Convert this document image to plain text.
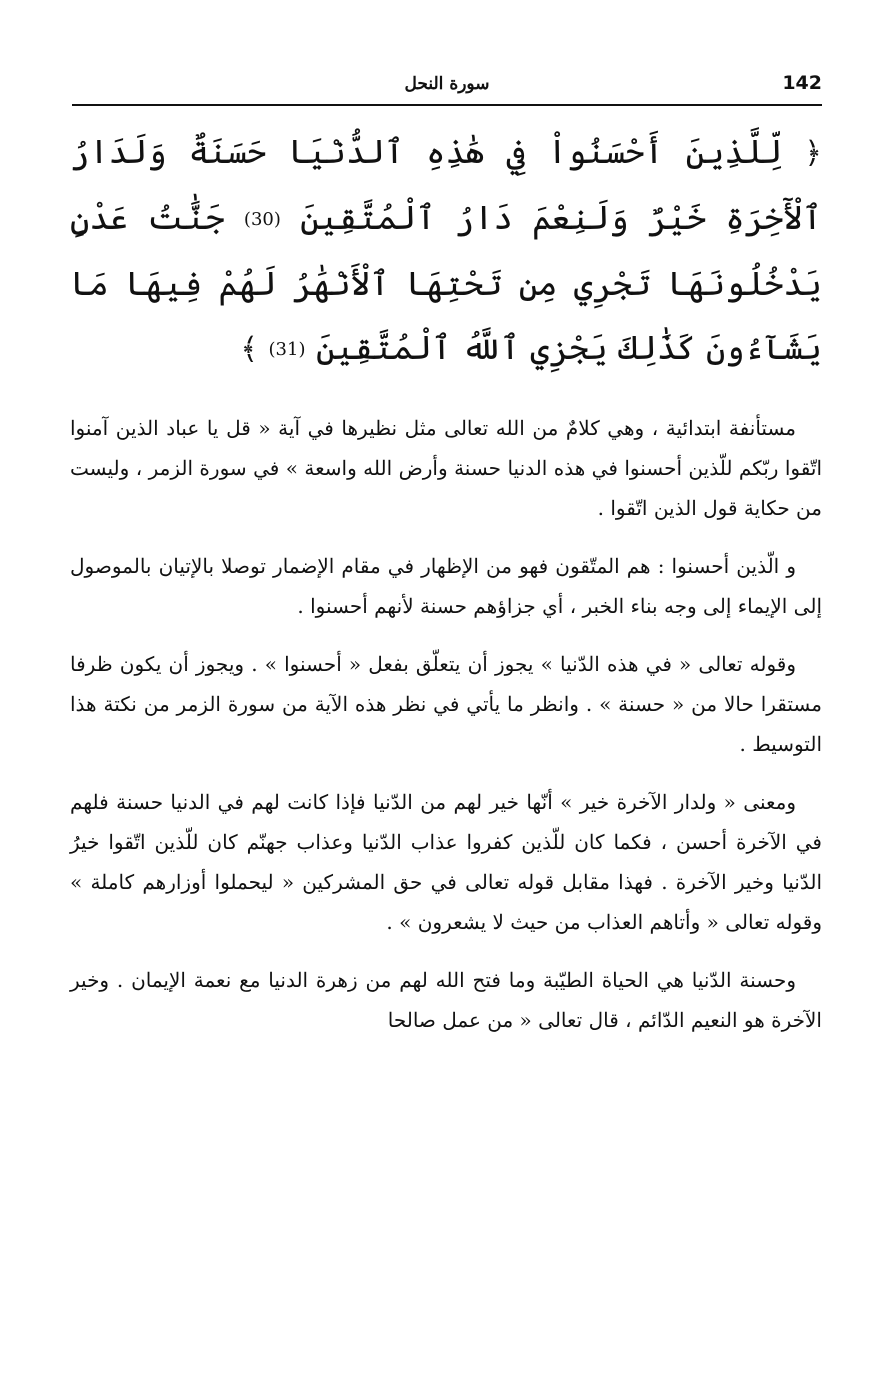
142
سورة النحل
﴿ لِّلَّذِينَ أَحْسَنُواْ فِي هَٰذِهِ ٱلدُّنْيَا حَسَنَةٌ وَلَدَارُ ٱلْأٓخِرَةِ خَيْرٌ وَلَنِعْمَ دَارُ ٱلْمُتَّقِينَ (30) جَنَّٰتُ عَدْنٍ يَدْخُلُونَهَا تَجْرِي مِن تَحْتِهَا ٱلْأَنْهَٰرُ لَهُمْ فِيهَا مَا يَشَآءُونَ كَذَٰلِكَ يَجْزِي ٱللَّهُ ٱلْمُتَّقِينَ (31) ﴾

مستأنفة ابتدائية ، وهي كلامٌ من الله تعالى مثل نظيرها في آية « قل يا عباد الذين آمنوا اتّقوا ربّكم للّذين أحسنوا في هذه الدنيا حسنة وأرض الله واسعة » في سورة الزمر ، وليست من حكاية قول الذين اتّقوا .

و الّذين أحسنوا : هم المتّقون فهو من الإظهار في مقام الإضمار توصلا بالإتيان بالموصول إلى الإيماء إلى وجه بناء الخبر ، أي جزاؤهم حسنة لأنهم أحسنوا .

وقوله تعالى « في هذه الدّنيا » يجوز أن يتعلّق بفعل « أحسنوا » . ويجوز أن يكون ظرفا مستقرا حالا من « حسنة » . وانظر ما يأتي في نظر هذه الآية من سورة الزمر من نكتة هذا التوسيط .

ومعنى « ولدار الآخرة خير » أنّها خير لهم من الدّنيا فإذا كانت لهم في الدنيا حسنة فلهم في الآخرة أحسن ، فكما كان للّذين كفروا عذاب الدّنيا وعذاب جهنّم كان للّذين اتّقوا خيرُ الدّنيا وخير الآخرة . فهذا مقابل قوله تعالى في حق المشركين « ليحملوا أوزارهم كاملة » وقوله تعالى « وأتاهم العذاب من حيث لا يشعرون » .

وحسنة الدّنيا هي الحياة الطيّبة وما فتح الله لهم من زهرة الدنيا مع نعمة الإيمان . وخير الآخرة هو النعيم الدّائم ، قال تعالى « من عمل صالحا
